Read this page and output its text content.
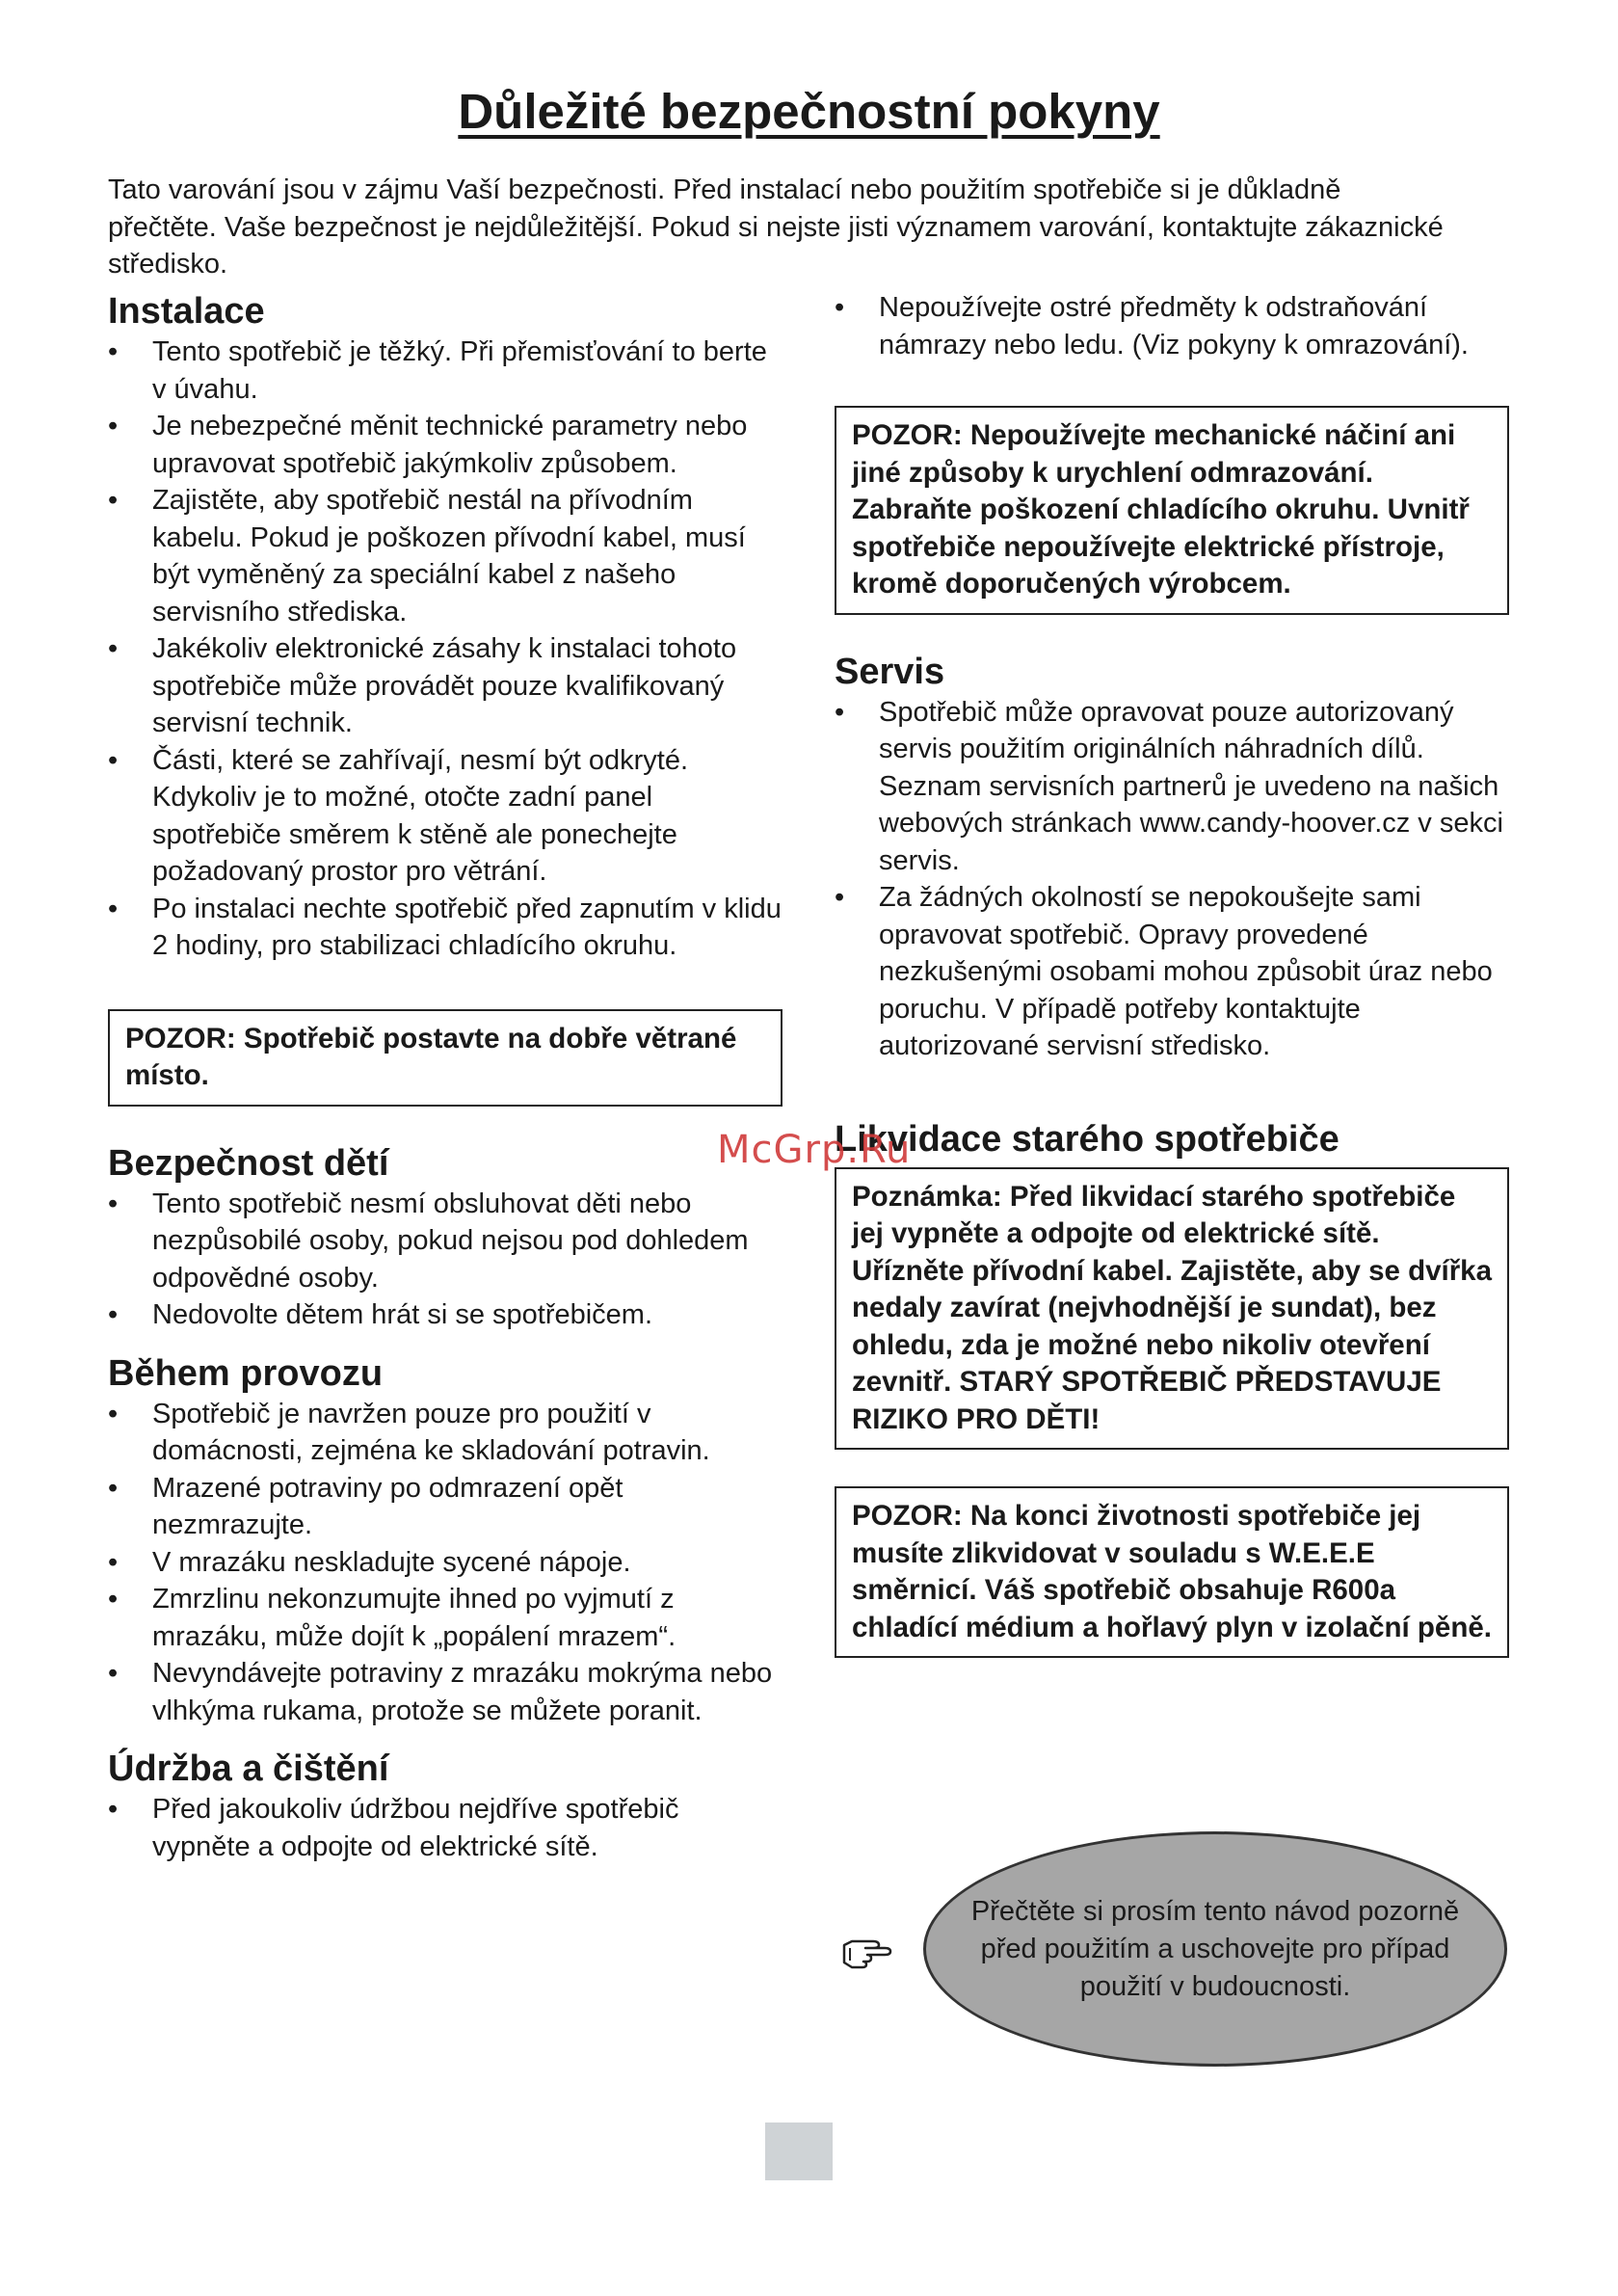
Důležité bezpečnostní pokyny

Tato varování jsou v zájmu Vaší bezpečnosti. Před instalací nebo použitím spotřebiče si je důkladně přečtěte. Vaše bezpečnost je nejdůležitější. Pokud si nejste jisti významem varování, kontaktujte zákaznické středisko.

Instalace
• Tento spotřebič je těžký. Při přemisťování to berte v úvahu.
• Je nebezpečné měnit technické parametry nebo upravovat spotřebič jakýmkoliv způsobem.
• Zajistěte, aby spotřebič nestál na přívodním kabelu. Pokud je poškozen přívodní kabel, musí být vyměněný za speciální kabel z našeho servisního střediska.
• Jakékoliv elektronické zásahy k instalaci tohoto spotřebiče může provádět pouze kvalifikovaný servisní technik.
• Části, které se zahřívají, nesmí být odkryté. Kdykoliv je to možné, otočte zadní panel spotřebiče směrem k stěně ale ponechejte požadovaný prostor pro větrání.
• Po instalaci nechte spotřebič před zapnutím v klidu 2 hodiny, pro stabilizaci chladícího okruhu.
POZOR: Spotřebič postavte na dobře větrané místo.
Bezpečnost dětí
• Tento spotřebič nesmí obsluhovat děti nebo nezpůsobilé osoby, pokud nejsou pod dohledem odpovědné osoby.
• Nedovolte dětem hrát si se spotřebičem.
Během provozu
• Spotřebič je navržen pouze pro použití v domácnosti, zejména ke skladování potravin.
• Mrazené potraviny po odmrazení opět nezmrazujte.
• V mrazáku neskladujte sycené nápoje.
• Zmrzlinu nekonzumujte ihned po vyjmutí z mrazáku, může dojít k „popálení mrazem“.
• Nevyndávejte potraviny z mrazáku mokrýma nebo vlhkýma rukama, protože se můžete poranit.
Údržba a čištění
• Před jakoukoliv údržbou nejdříve spotřebič vypněte a odpojte od elektrické sítě.
• Nepoužívejte ostré předměty k odstraňování námrazy nebo ledu. (Viz pokyny k omrazování).
POZOR: Nepoužívejte mechanické náčiní ani jiné způsoby k urychlení odmrazování. Zabraňte poškození chladícího okruhu. Uvnitř spotřebiče nepoužívejte elektrické přístroje, kromě doporučených výrobcem.
Servis
• Spotřebič může opravovat pouze autorizovaný servis použitím originálních náhradních dílů. Seznam servisních partnerů je uvedeno na našich webových stránkach www.candy-hoover.cz v sekci servis.
• Za žádných okolností se nepokoušejte sami opravovat spotřebič. Opravy provedené nezkušenými osobami mohou způsobit úraz nebo poruchu. V případě potřeby kontaktujte autorizované servisní středisko.
Likvidace starého spotřebiče
Poznámka: Před likvidací starého spotřebiče jej vypněte a odpojte od elektrické sítě. Uřízněte přívodní kabel. Zajistěte, aby se dvířka nedaly zavírat (nejvhodnější je sundat), bez ohledu, zda je možné nebo nikoliv otevření zevnitř. STARÝ SPOTŘEBIČ PŘEDSTAVUJE RIZIKO PRO DĚTI!
POZOR: Na konci životnosti spotřebiče jej musíte zlikvidovat v souladu s W.E.E.E směrnicí. Váš spotřebič obsahuje R600a chladící médium a hořlavý plyn v izolační pěně.
Přečtěte si prosím tento návod pozorně před použitím a uschovejte pro případ použití v budoucnosti.
McGrp.Ru
